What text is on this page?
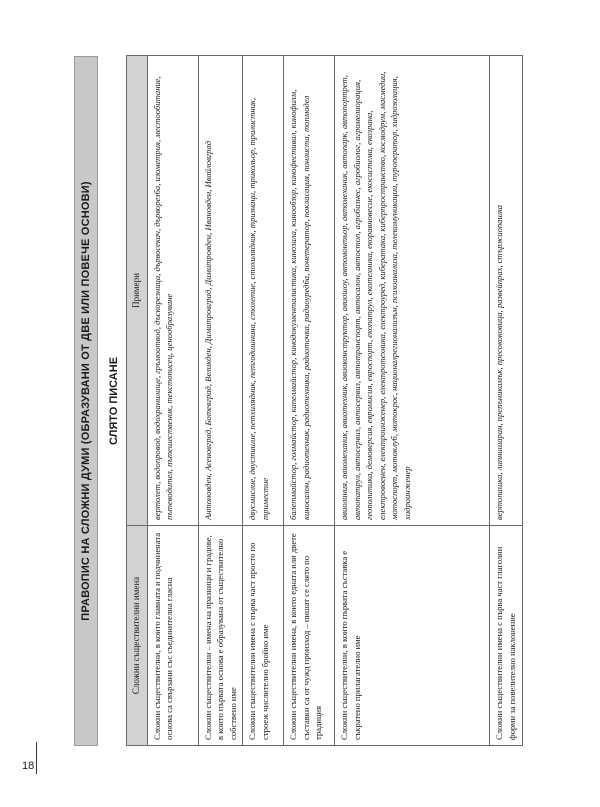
18
ПРАВОПИС НА СЛОЖНИ ДУМИ (ОБРАЗУВАНИ ОТ ДВЕ ИЛИ ПОВЕЧЕ ОСНОВИ)	СЛЯТО ПИСАНЕ
Сложни съществителни имена	Примери
Сложни съществителни, в които главната и подчинената основа са свързани със съединителна гласна	вертолет, водопровод, водохранилище, гръмоотвод, дъскорезница, дървосекач, дърворезба, изометрия, местообитание, пътеводител, пътешественик, текстописец, ценообразуване
Сложни съществителни – имена на празници и градове, в които първата основа е образувана от съществително собствено име	Антоновден, Асеновград, Ботевград, Великден, Димитровград, Димитровден, Ивановден, Ивайловград
Сложни съществителни имена с първа част просто по строеж числително бройно име	двусмислие, двустишие, петхилядник, петгодишнина, столетие, стохилядник, тризнаци, трикольор, трилистник, триместие
Сложни съществителни имена, в които едната или двете съставки са от чужд произход – пишат се слято по традиция	балетмайстор, голмайстор, капелмайстор, кинодокументалистика, кинозала, кинообзор, кинофестивал, кинофилм, киносалон, радиотехник, радиотехника, радиоточка, радиоуредба, понетератор, покласация, понлиста, топмодел
Сложни съществителни, в които първата съставка е съкратено прилагателно име	авиолиния, авиомеханик, авиотехник, авиоконструктор, авиошоу, автомонтьор, автомеханик, автопарк, автопортрет, автопатрул, автосервиз, автосервиз, автотранспорт, автосалон, автостоп, агробизнес, агробиолог, агромелиорация, геополитика, демоверсия, евромисия, евроспорт, екопатрул, екотехника, екоравновесие, екосистема, екозрана, електровоенен, електроинженер, електротехника, електроуред, кибератака, киберпространство, космодрум, масмедии, мотоспорт, мотоклуб, мотокрос, националрегионализъм, психоанализа, телекомуникации, туроператор, хидрозолация, хидроинженер
Сложни съществителни имена с първа част глаголни форми за повелително наклонение	вертопашка, лапнишаран, препъникамък, пресококовица, развейпрах, стържиопашка
